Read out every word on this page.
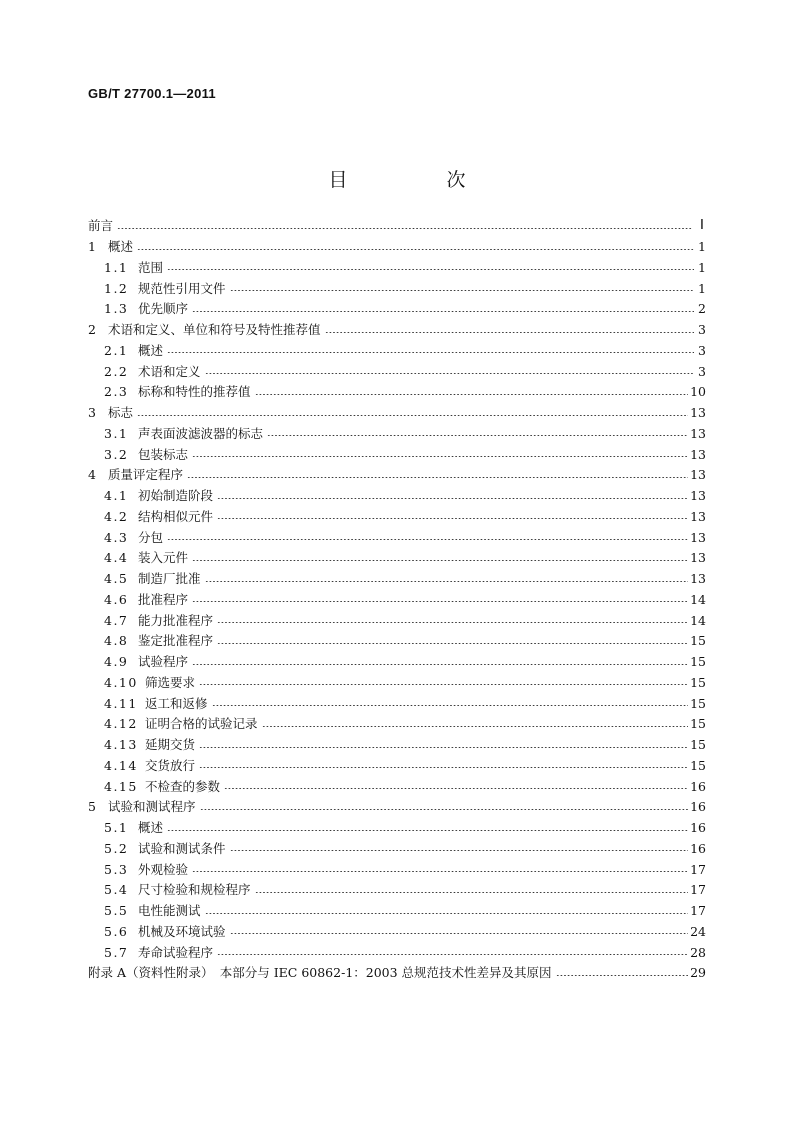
GB/T 27700.1—2011
目　次
前言	Ⅰ
1 概述	1
1.1 范围	1
1.2 规范性引用文件	1
1.3 优先顺序	2
2 术语和定义、单位和符号及特性推荐值	3
2.1 概述	3
2.2 术语和定义	3
2.3 标称和特性的推荐值	10
3 标志	13
3.1 声表面波滤波器的标志	13
3.2 包装标志	13
4 质量评定程序	13
4.1 初始制造阶段	13
4.2 结构相似元件	13
4.3 分包	13
4.4 装入元件	13
4.5 制造厂批准	13
4.6 批准程序	14
4.7 能力批准程序	14
4.8 鉴定批准程序	15
4.9 试验程序	15
4.10 筛选要求	15
4.11 返工和返修	15
4.12 证明合格的试验记录	15
4.13 延期交货	15
4.14 交货放行	15
4.15 不检查的参数	16
5 试验和测试程序	16
5.1 概述	16
5.2 试验和测试条件	16
5.3 外观检验	17
5.4 尺寸检验和规检程序	17
5.5 电性能测试	17
5.6 机械及环境试验	24
5.7 寿命试验程序	28
附录 A（资料性附录）　本部分与 IEC 60862-1：2003 总规范技术性差异及其原因	29
